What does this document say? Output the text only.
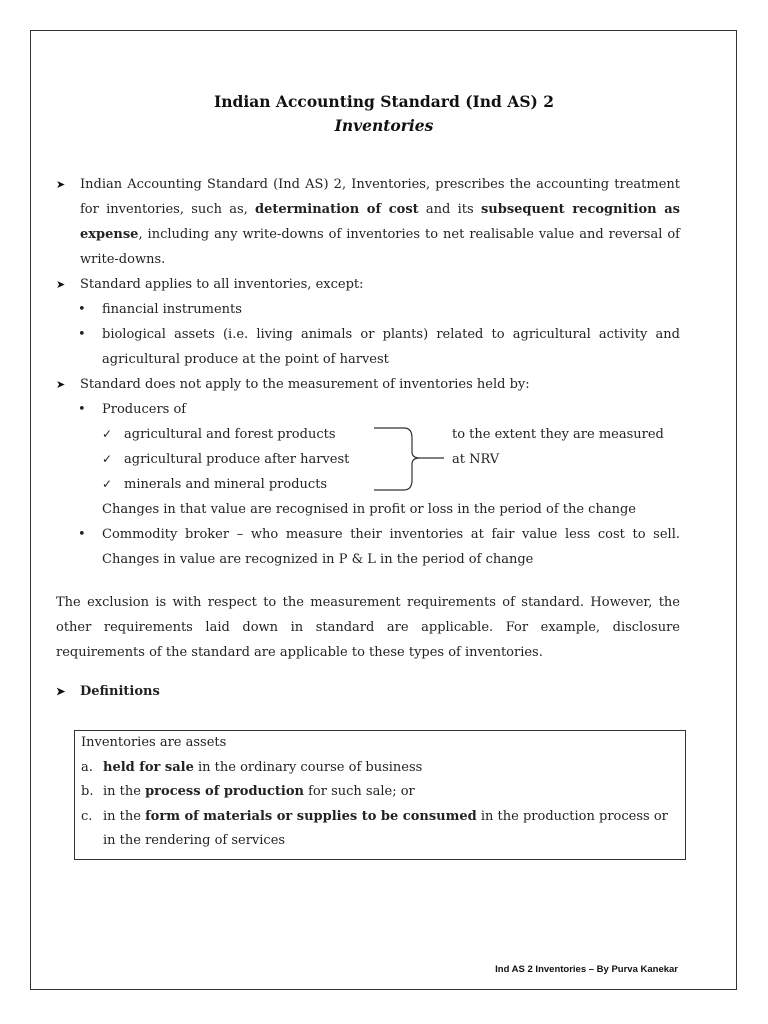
Indian Accounting Standard (Ind AS) 2
Inventories
➤ Indian Accounting Standard (Ind AS) 2, Inventories, prescribes the accounting treatment for inventories, such as, determination of cost and its subsequent recognition as expense, including any write-downs of inventories to net realisable value and reversal of write-downs.
➤ Standard applies to all inventories, except:
• financial instruments
• biological assets (i.e. living animals or plants) related to agricultural activity and agricultural produce at the point of harvest
➤ Standard does not apply to the measurement of inventories held by:
• Producers of
✓ agricultural and forest products	to the extent they are measured
✓ agricultural produce after harvest	at NRV
✓ minerals and mineral products
Changes in that value are recognised in profit or loss in the period of the change
• Commodity broker – who measure their inventories at fair value less cost to sell. Changes in value are recognized in P & L in the period of change
The exclusion is with respect to the measurement requirements of standard. However, the other requirements laid down in standard are applicable. For example, disclosure requirements of the standard are applicable to these types of inventories.
➤ Definitions
Inventories are assets
a. held for sale in the ordinary course of business
b. in the process of production for such sale; or
c. in the form of materials or supplies to be consumed in the production process or in the rendering of services
Ind AS 2 Inventories – By Purva Kanekar
